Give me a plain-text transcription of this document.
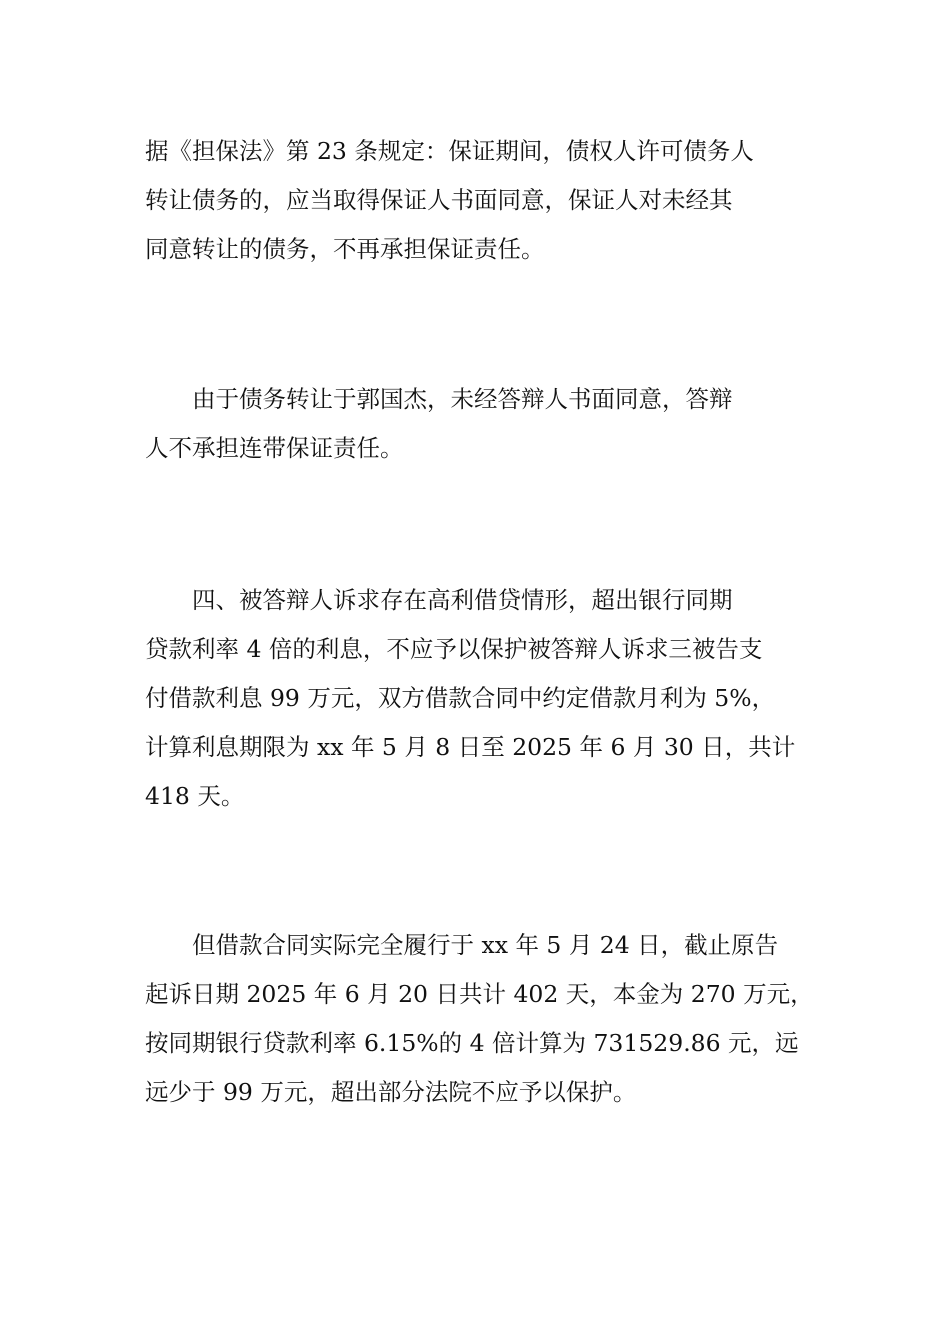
据《担保法》第 23 条规定：保证期间，债权人许可债务人
转让债务的，应当取得保证人书面同意，保证人对未经其
同意转让的债务，不再承担保证责任。

　　由于债务转让于郭国杰，未经答辩人书面同意，答辩
人不承担连带保证责任。

　　四、被答辩人诉求存在高利借贷情形，超出银行同期
贷款利率 4 倍的利息，不应予以保护被答辩人诉求三被告支
付借款利息 99 万元，双方借款合同中约定借款月利为 5%，
计算利息期限为 xx 年 5 月 8 日至 2025 年 6 月 30 日，共计
418 天。

　　但借款合同实际完全履行于 xx 年 5 月 24 日，截止原告
起诉日期 2025 年 6 月 20 日共计 402 天，本金为 270 万元，
按同期银行贷款利率 6.15%的 4 倍计算为 731529.86 元，远
远少于 99 万元，超出部分法院不应予以保护。
